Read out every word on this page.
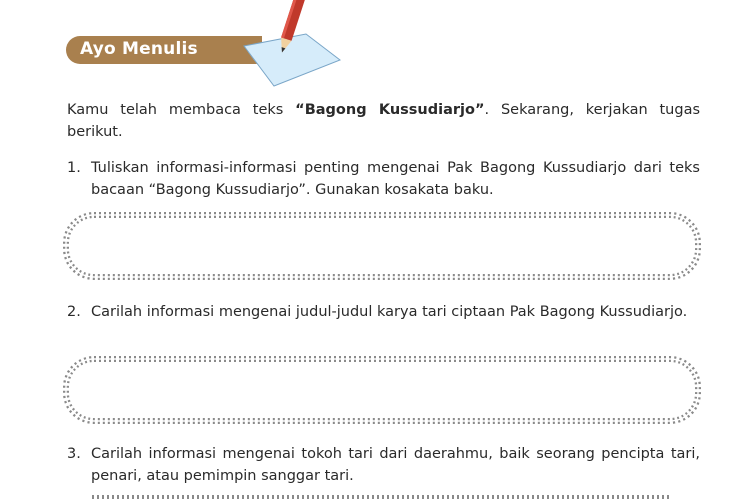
Ayo Menulis

Kamu telah membaca teks “Bagong Kussudiarjo”. Sekarang, kerjakan tugas berikut.

1. Tuliskan informasi-informasi penting mengenai Pak Bagong Kussudiarjo dari teks bacaan “Bagong Kussudiarjo”. Gunakan kosakata baku.

2. Carilah informasi mengenai judul-judul karya tari ciptaan Pak Bagong Kussudiarjo.

3. Carilah informasi mengenai tokoh tari dari daerahmu, baik seorang pencipta tari, penari, atau pemimpin sanggar tari.
